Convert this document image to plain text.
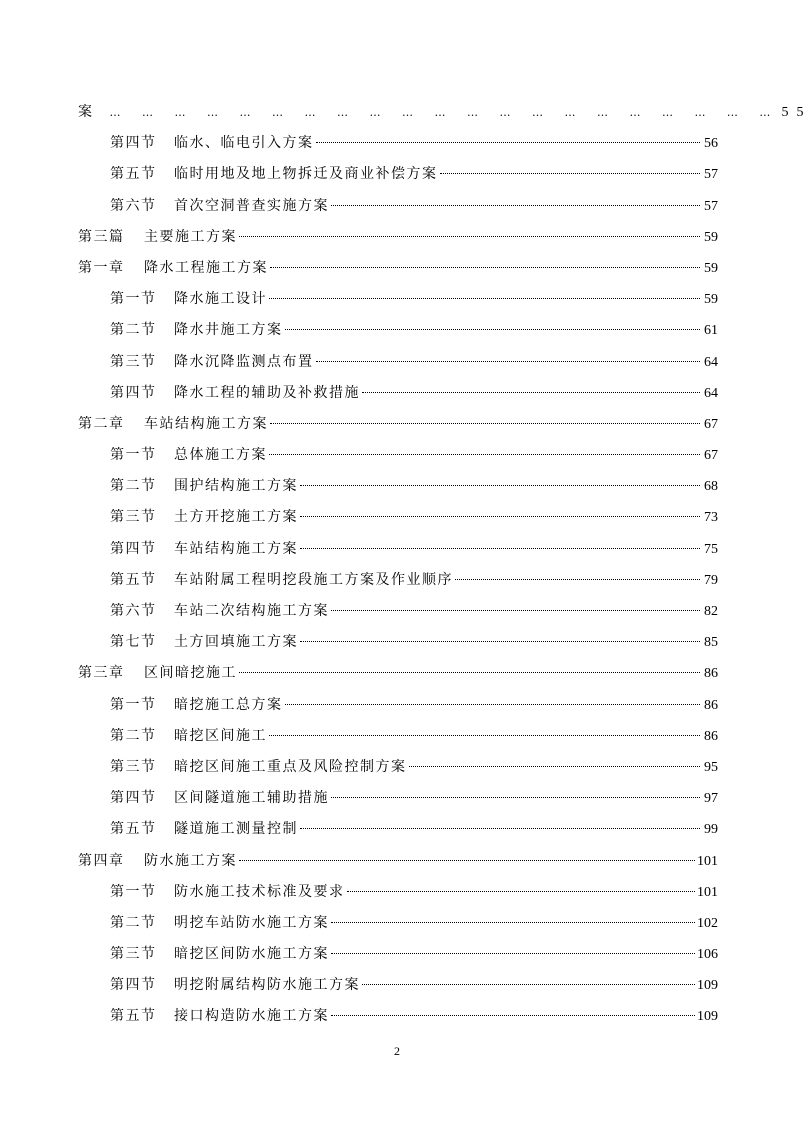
案	… … … … … … … … … … … … … … … … … … … … … 55
第四节 临水、临电引入方案	56
第五节 临时用地及地上物拆迁及商业补偿方案	57
第六节 首次空洞普查实施方案	57
第三篇 主要施工方案	59
第一章 降水工程施工方案	59
第一节 降水施工设计	59
第二节 降水井施工方案	61
第三节 降水沉降监测点布置	64
第四节 降水工程的辅助及补救措施	64
第二章 车站结构施工方案	67
第一节 总体施工方案	67
第二节 围护结构施工方案	68
第三节 土方开挖施工方案	73
第四节 车站结构施工方案	75
第五节 车站附属工程明挖段施工方案及作业顺序	79
第六节 车站二次结构施工方案	82
第七节 土方回填施工方案	85
第三章 区间暗挖施工	86
第一节 暗挖施工总方案	86
第二节 暗挖区间施工	86
第三节 暗挖区间施工重点及风险控制方案	95
第四节 区间隧道施工辅助措施	97
第五节 隧道施工测量控制	99
第四章 防水施工方案	101
第一节 防水施工技术标准及要求	101
第二节 明挖车站防水施工方案	102
第三节 暗挖区间防水施工方案	106
第四节 明挖附属结构防水施工方案	109
第五节 接口构造防水施工方案	109
2
